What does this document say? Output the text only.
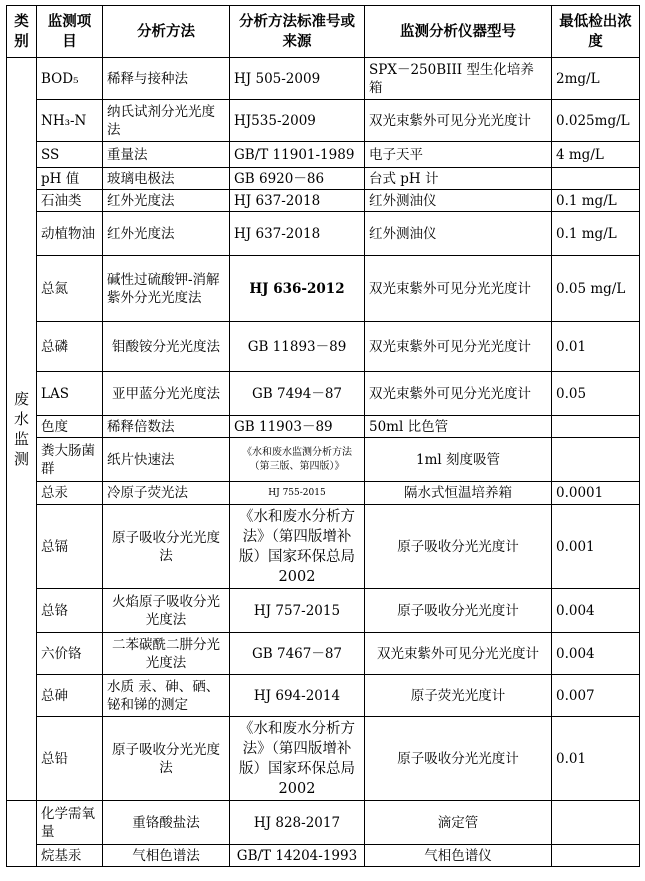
类别	监测项目	分析方法	分析方法标准号或来源	监测分析仪器型号	最低检出浓度
废水监测	BOD₅	稀释与接种法	HJ 505-2009	SPX－250BIII 型生化培养箱	2mg/L
	NH₃-N	纳氏试剂分光光度法	HJ535-2009	双光束紫外可见分光光度计	0.025mg/L
	SS	重量法	GB/T 11901-1989	电子天平	4 mg/L
	pH 值	玻璃电极法	GB 6920－86	台式 pH 计	
	石油类	红外光度法	HJ 637-2018	红外测油仪	0.1 mg/L
	动植物油	红外光度法	HJ 637-2018	红外测油仪	0.1 mg/L
	总氮	碱性过硫酸钾-消解紫外分光光度法	HJ 636-2012	双光束紫外可见分光光度计	0.05 mg/L
	总磷	钼酸铵分光光度法	GB 11893－89	双光束紫外可见分光光度计	0.01
	LAS	亚甲蓝分光光度法	GB 7494－87	双光束紫外可见分光光度计	0.05
	色度	稀释倍数法	GB 11903－89	50ml 比色管	
	粪大肠菌群	纸片快速法	《水和废水监测分析方法（第三版、第四版）》	1ml 刻度吸管	
	总汞	冷原子荧光法	HJ 755-2015	隔水式恒温培养箱	0.0001
	总镉	原子吸收分光光度法	《水和废水分析方法》（第四版增补版）国家环保总局 2002	原子吸收分光光度计	0.001
	总铬	火焰原子吸收分光光度法	HJ 757-2015	原子吸收分光光度计	0.004
	六价铬	二苯碳酰二肼分光光度法	GB 7467－87	双光束紫外可见分光光度计	0.004
	总砷	水质 汞、砷、硒、铋和锑的测定	HJ 694-2014	原子荧光光度计	0.007
	总铅	原子吸收分光光度法	《水和废水分析方法》（第四版增补版）国家环保总局 2002	原子吸收分光光度计	0.01
	化学需氧量	重铬酸盐法	HJ 828-2017	滴定管	
	烷基汞	气相色谱法	GB/T 14204-1993	气相色谱仪	
